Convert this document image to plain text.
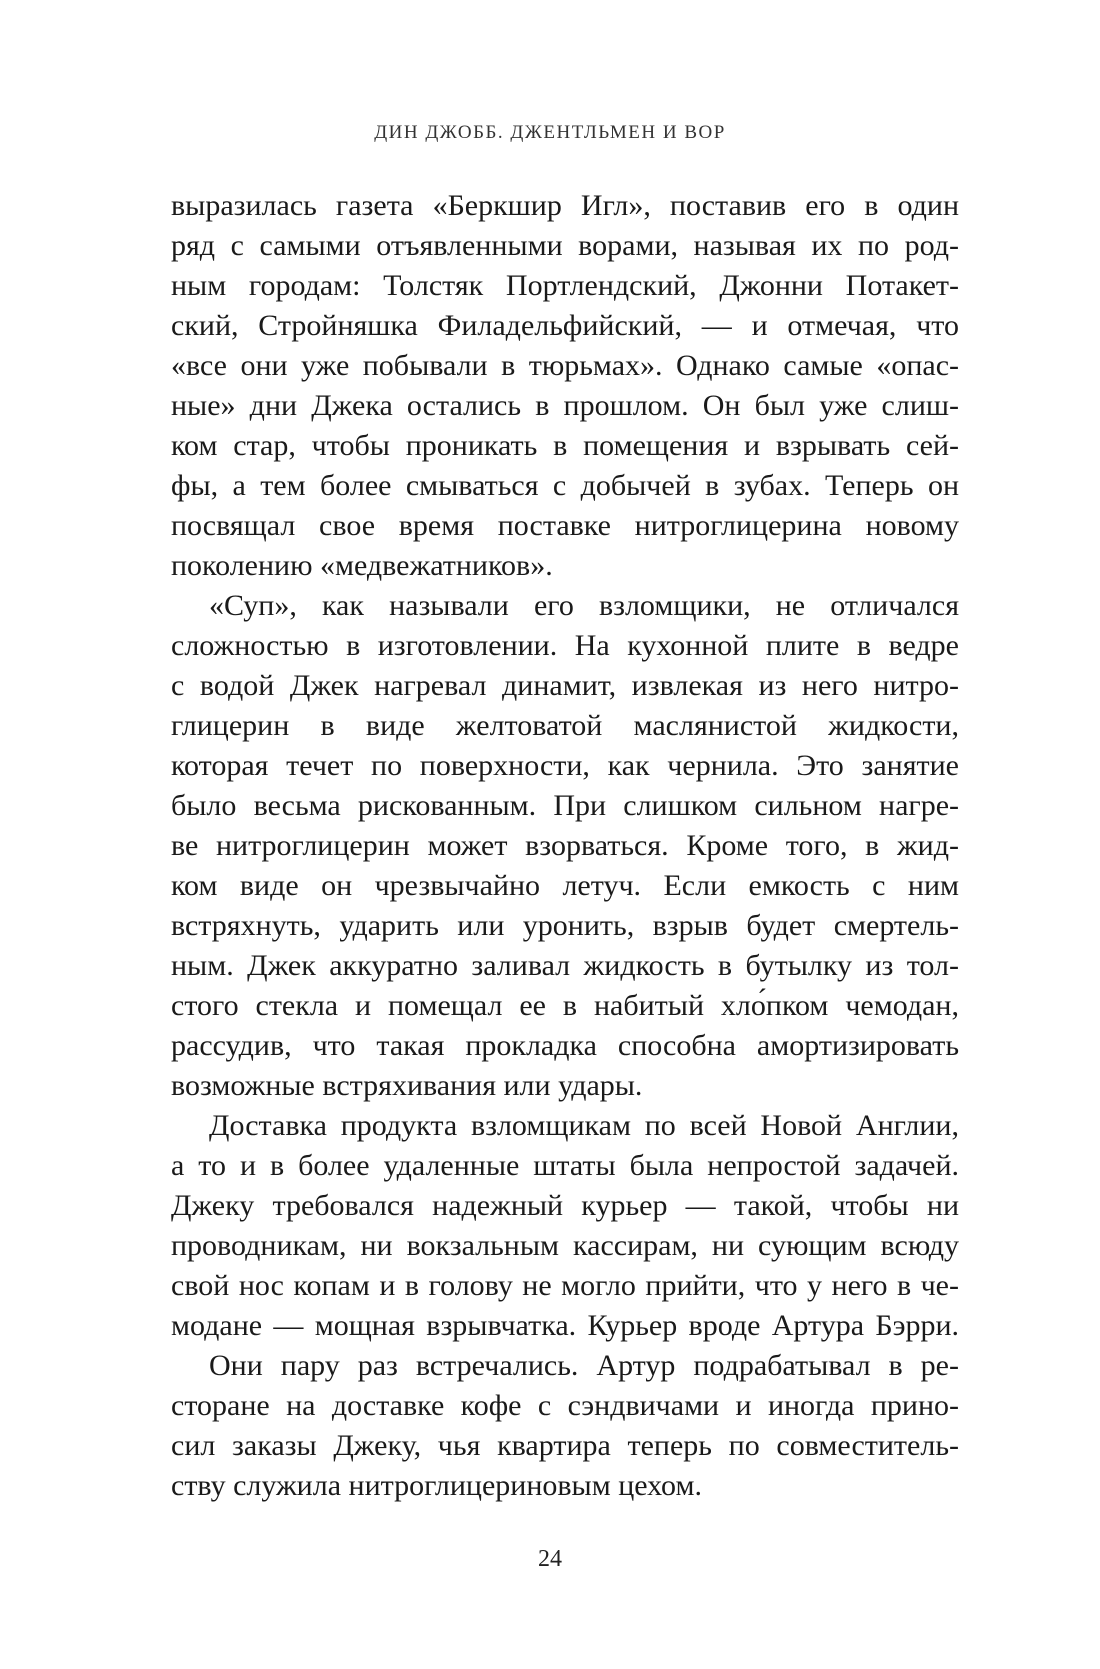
ДИН ДЖОББ. ДЖЕНТЛЬМЕН И ВОР
выразилась газета «Беркшир Игл», поставив его в один
ряд с самыми отъявленными ворами, называя их по род-
ным городам: Толстяк Портлендский, Джонни Потакет-
ский, Стройняшка Филадельфийский, — и отмечая, что
«все они уже побывали в тюрьмах». Однако самые «опас-
ные» дни Джека остались в прошлом. Он был уже слиш-
ком стар, чтобы проникать в помещения и взрывать сей-
фы, а тем более смываться с добычей в зубах. Теперь он
посвящал свое время поставке нитроглицерина новому
поколению «медвежатников».
«Суп», как называли его взломщики, не отличался
сложностью в изготовлении. На кухонной плите в ведре
с водой Джек нагревал динамит, извлекая из него нитро-
глицерин в виде желтоватой маслянистой жидкости,
которая течет по поверхности, как чернила. Это занятие
было весьма рискованным. При слишком сильном нагре-
ве нитроглицерин может взорваться. Кроме того, в жид-
ком виде он чрезвычайно летуч. Если емкость с ним
встряхнуть, ударить или уронить, взрыв будет смертель-
ным. Джек аккуратно заливал жидкость в бутылку из тол-
стого стекла и помещал ее в набитый хло́пком чемодан,
рассудив, что такая прокладка способна амортизировать
возможные встряхивания или удары.
Доставка продукта взломщикам по всей Новой Англии,
а то и в более удаленные штаты была непростой задачей.
Джеку требовался надежный курьер — такой, чтобы ни
проводникам, ни вокзальным кассирам, ни сующим всюду
свой нос копам и в голову не могло прийти, что у него в че-
модане — мощная взрывчатка. Курьер вроде Артура Бэрри.
Они пару раз встречались. Артур подрабатывал в ре-
сторане на доставке кофе с сэндвичами и иногда прино-
сил заказы Джеку, чья квартира теперь по совместитель-
ству служила нитроглицериновым цехом.
24
